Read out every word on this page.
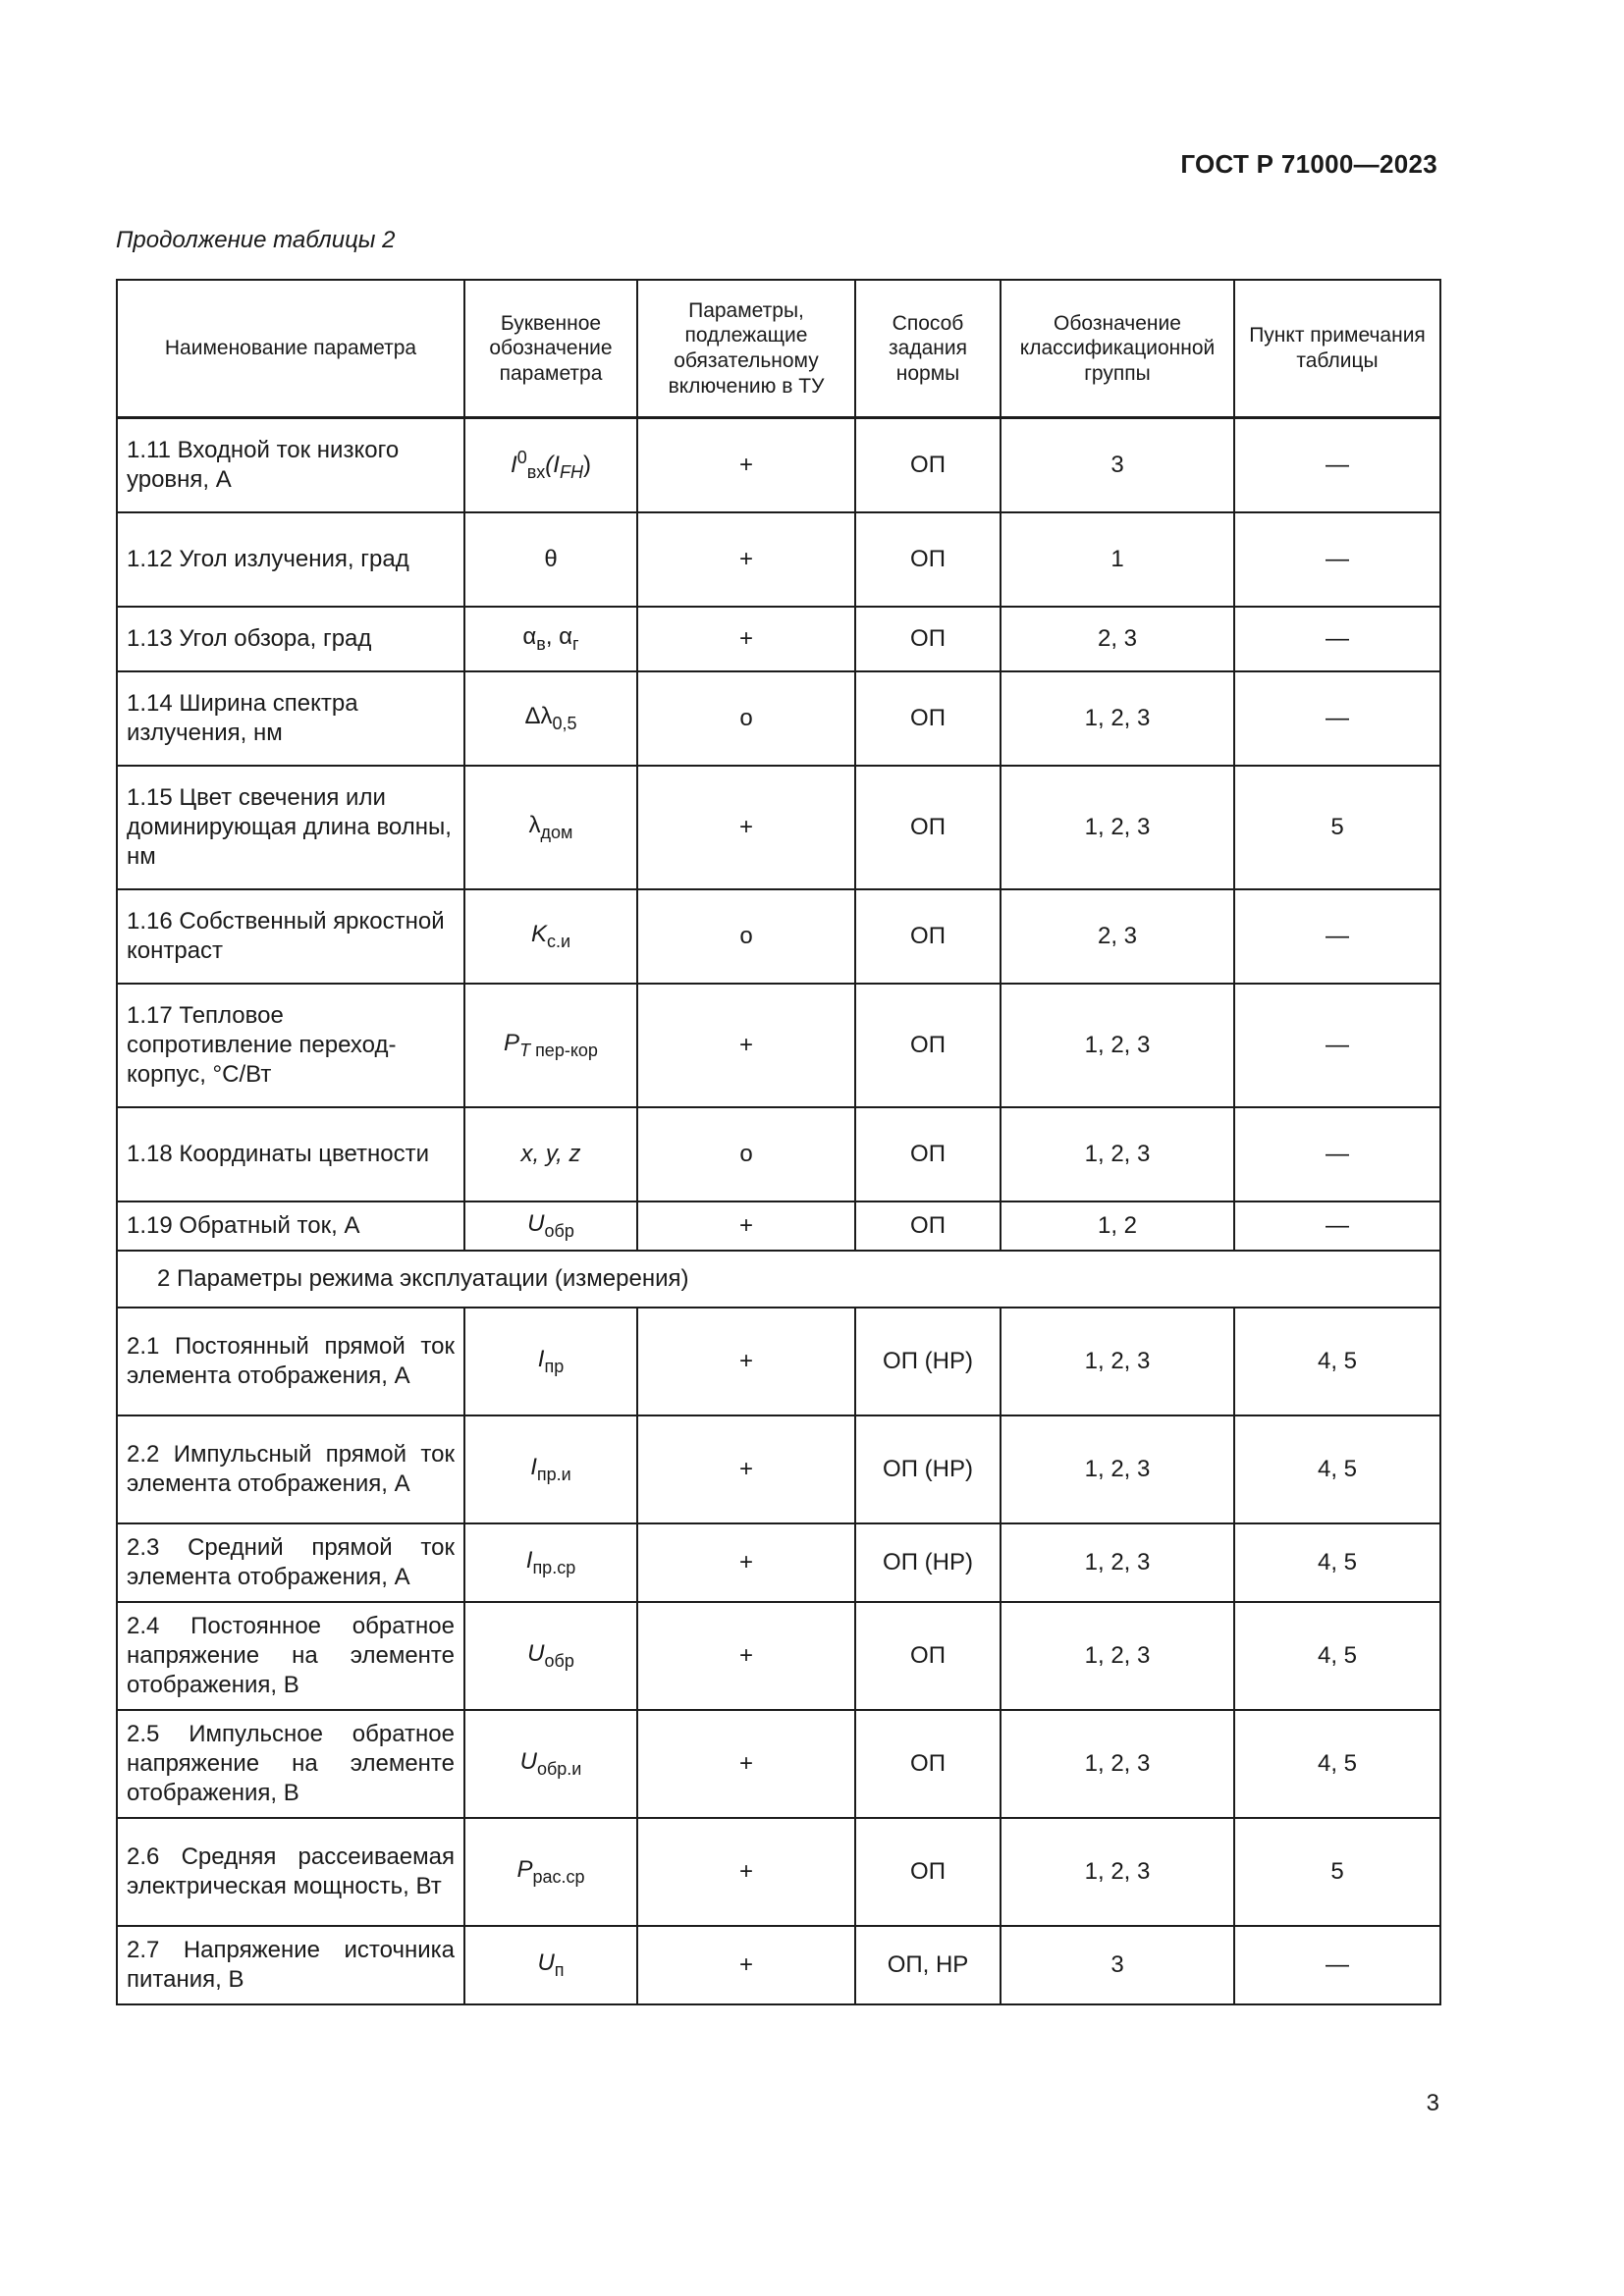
ГОСТ Р 71000—2023
Продолжение таблицы 2
Наименование параметра	Буквенное обозначение параметра	Параметры, подлежащие обязательному включению в ТУ	Способ задания нормы	Обозначение классификационной группы	Пункт примечания таблицы
1.11 Входной ток низкого уровня, А	$I^0_{вх}(I_{FH})$	+	ОП	3	—
1.12 Угол излучения, град	θ	+	ОП	1	—
1.13 Угол обзора, град	$\alpha_в$, $\alpha_г$	+	ОП	2, 3	—
1.14 Ширина спектра излучения, нм	$\Delta\lambda_{0,5}$	о	ОП	1, 2, 3	—
1.15 Цвет свечения или доминирующая длина волны, нм	$\lambda_{дом}$	+	ОП	1, 2, 3	5
1.16 Собственный яркостной контраст	$K_{с.и}$	о	ОП	2, 3	—
1.17 Тепловое сопротивление переход-корпус, °С/Вт	$P_T$ $_{пер-кор}$	+	ОП	1, 2, 3	—
1.18 Координаты цветности	x, y, z	о	ОП	1, 2, 3	—
1.19 Обратный ток, А	$U_{обр}$	+	ОП	1, 2	—
2 Параметры режима эксплуатации (измерения)					
2.1 Постоянный прямой ток элемента отображения, А	$I_{пр}$	+	ОП (НР)	1, 2, 3	4, 5
2.2 Импульсный прямой ток элемента отображения, А	$I_{пр.и}$	+	ОП (НР)	1, 2, 3	4, 5
2.3 Средний прямой ток элемента отображения, А	$I_{пр.ср}$	+	ОП (НР)	1, 2, 3	4, 5
2.4 Постоянное обратное напряжение на элементе отображения, В	$U_{обр}$	+	ОП	1, 2, 3	4, 5
2.5 Импульсное обратное напряжение на элементе отображения, В	$U_{обр.и}$	+	ОП	1, 2, 3	4, 5
2.6 Средняя рассеиваемая электрическая мощность, Вт	$P_{рас.ср}$	+	ОП	1, 2, 3	5
2.7 Напряжение источника питания, В	$U_п$	+	ОП, НР	3	—
3
